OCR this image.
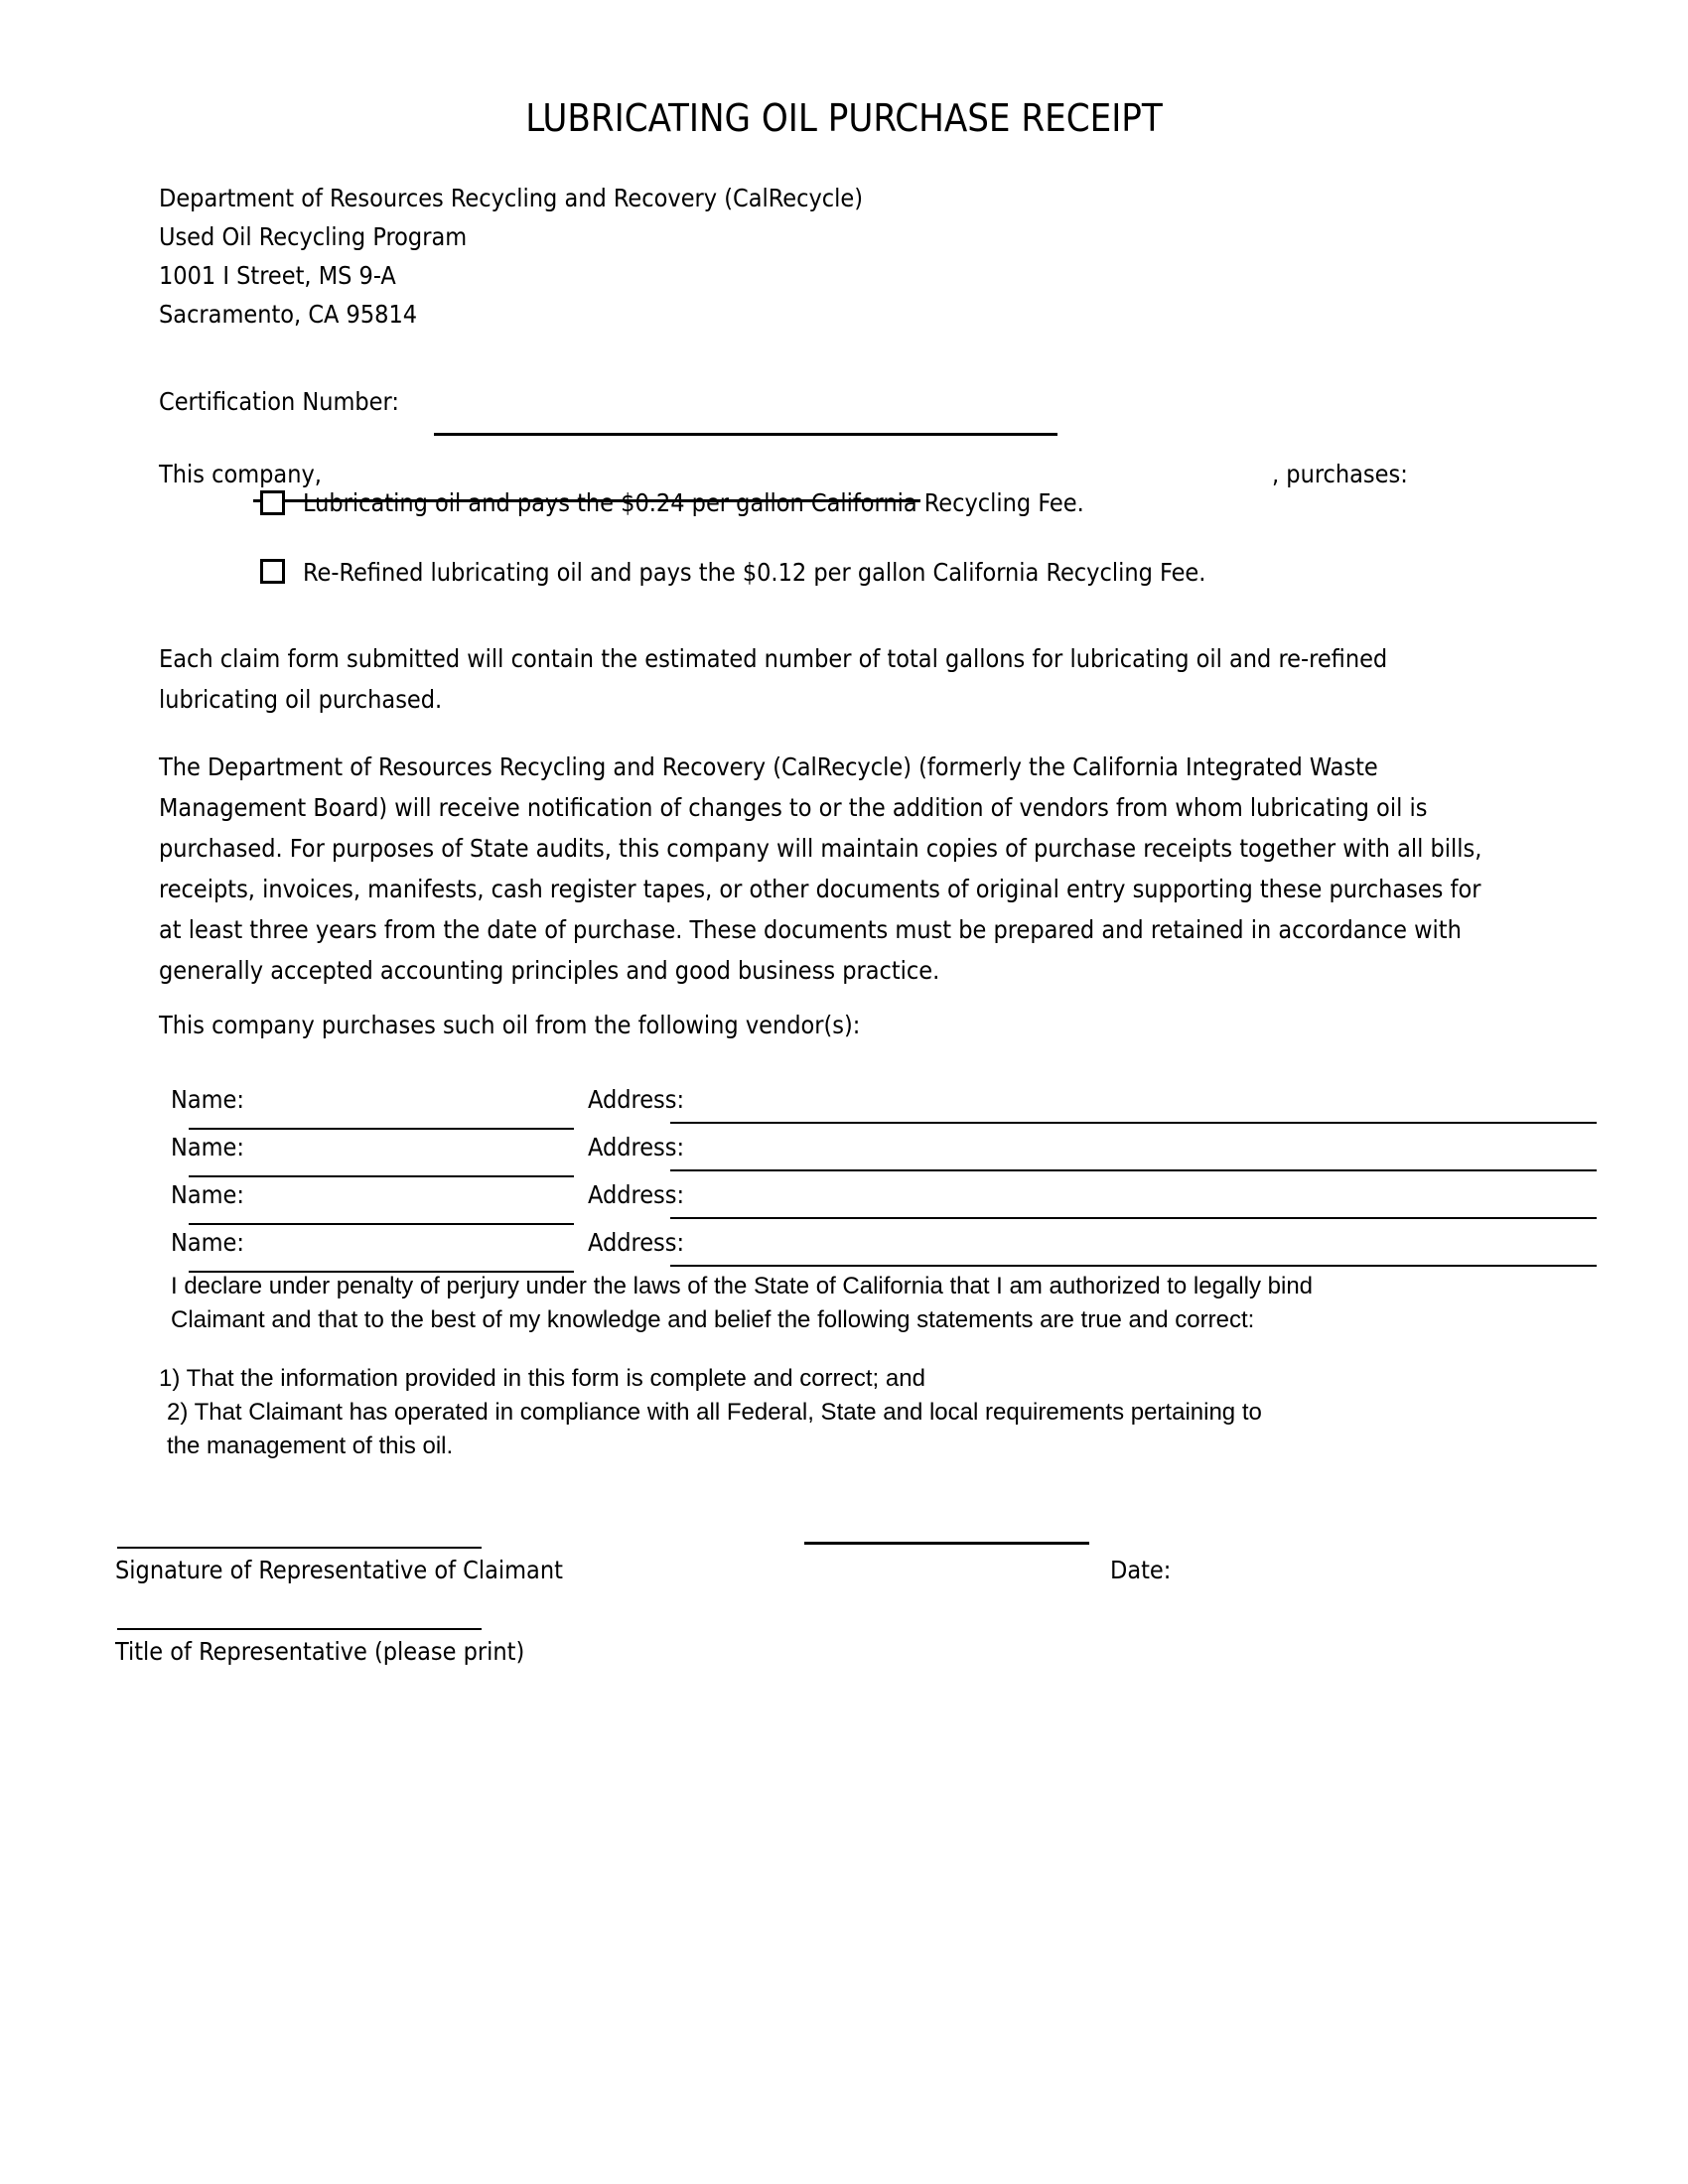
LUBRICATING OIL PURCHASE RECEIPT
Department of Resources Recycling and Recovery (CalRecycle)
Used Oil Recycling Program
1001 I Street, MS 9-A
Sacramento, CA 95814
Certification Number:
This company,	, purchases:
Lubricating oil and pays the $0.24 per gallon California Recycling Fee.
Re-Refined lubricating oil and pays the $0.12 per gallon California Recycling Fee.
Each claim form submitted will contain the estimated number of total gallons for lubricating oil and re-refined lubricating oil purchased.
The Department of Resources Recycling and Recovery (CalRecycle) (formerly the California Integrated Waste Management Board) will receive notification of changes to or the addition of vendors from whom lubricating oil is purchased. For purposes of State audits, this company will maintain copies of purchase receipts together with all bills, receipts, invoices, manifests, cash register tapes, or other documents of original entry supporting these purchases for at least three years from the date of purchase. These documents must be prepared and retained in accordance with generally accepted accounting principles and good business practice.
This company purchases such oil from the following vendor(s):
Name:	Address:
Name:	Address:
Name:	Address:
Name:	Address:
I declare under penalty of perjury under the laws of the State of California that I am authorized to legally bind
Claimant and that to the best of my knowledge and belief the following statements are true and correct:
1) That the information provided in this form is complete and correct; and
2) That Claimant has operated in compliance with all Federal, State and local requirements pertaining to
the management of this oil.
Signature of Representative of Claimant	Date:
Title of Representative (please print)
